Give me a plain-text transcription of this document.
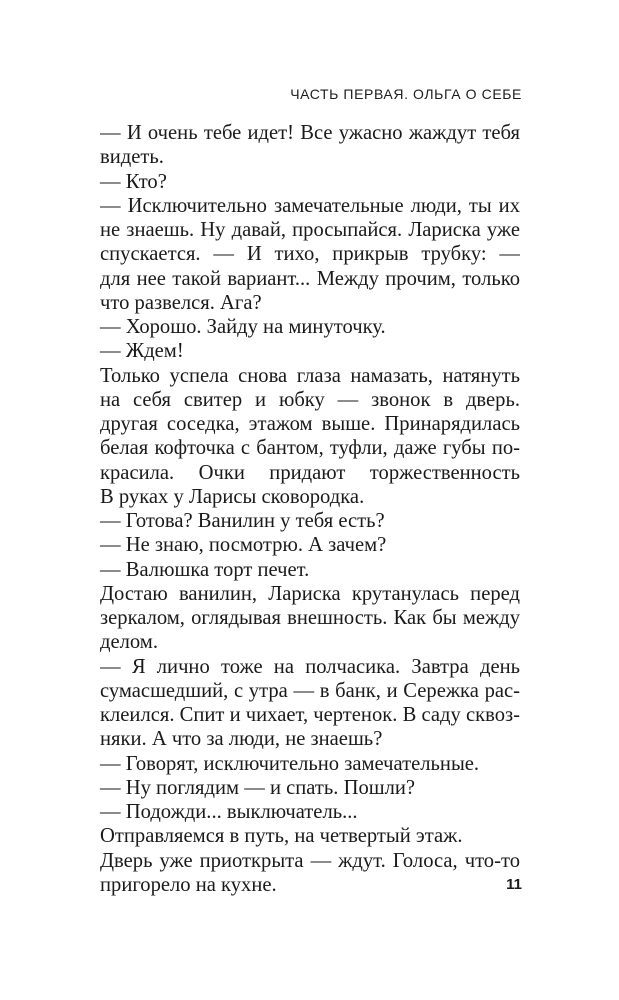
ЧАСТЬ ПЕРВАЯ. ОЛЬГА О СЕБЕ
— И очень тебе идет! Все ужасно жаждут тебя
видеть.
— Кто?
— Исключительно замечательные люди, ты их
не знаешь. Ну давай, просыпайся. Лариска уже
спускается. — И тихо, прикрыв трубку: —
для нее такой вариант... Между прочим, только
что развелся. Ага?
— Хорошо. Зайду на минуточку.
— Ждем!
Только успела снова глаза намазать, натянуть
на себя свитер и юбку — звонок в дверь.
другая соседка, этажом выше. Принарядилась
белая кофточка с бантом, туфли, даже губы по-
красила. Очки придают торжественность
В руках у Ларисы сковородка.
— Готова? Ванилин у тебя есть?
— Не знаю, посмотрю. А зачем?
— Валюшка торт печет.
Достаю ванилин, Лариска крутанулась перед
зеркалом, оглядывая внешность. Как бы между
делом.
— Я лично тоже на полчасика. Завтра день
сумасшедший, с утра — в банк, и Сережка рас-
клеился. Спит и чихает, чертенок. В саду сквоз-
няки. А что за люди, не знаешь?
— Говорят, исключительно замечательные.
— Ну поглядим — и спать. Пошли?
— Подожди... выключатель...
Отправляемся в путь, на четвертый этаж.
Дверь уже приоткрыта — ждут. Голоса, что-то
пригорело на кухне.	11
